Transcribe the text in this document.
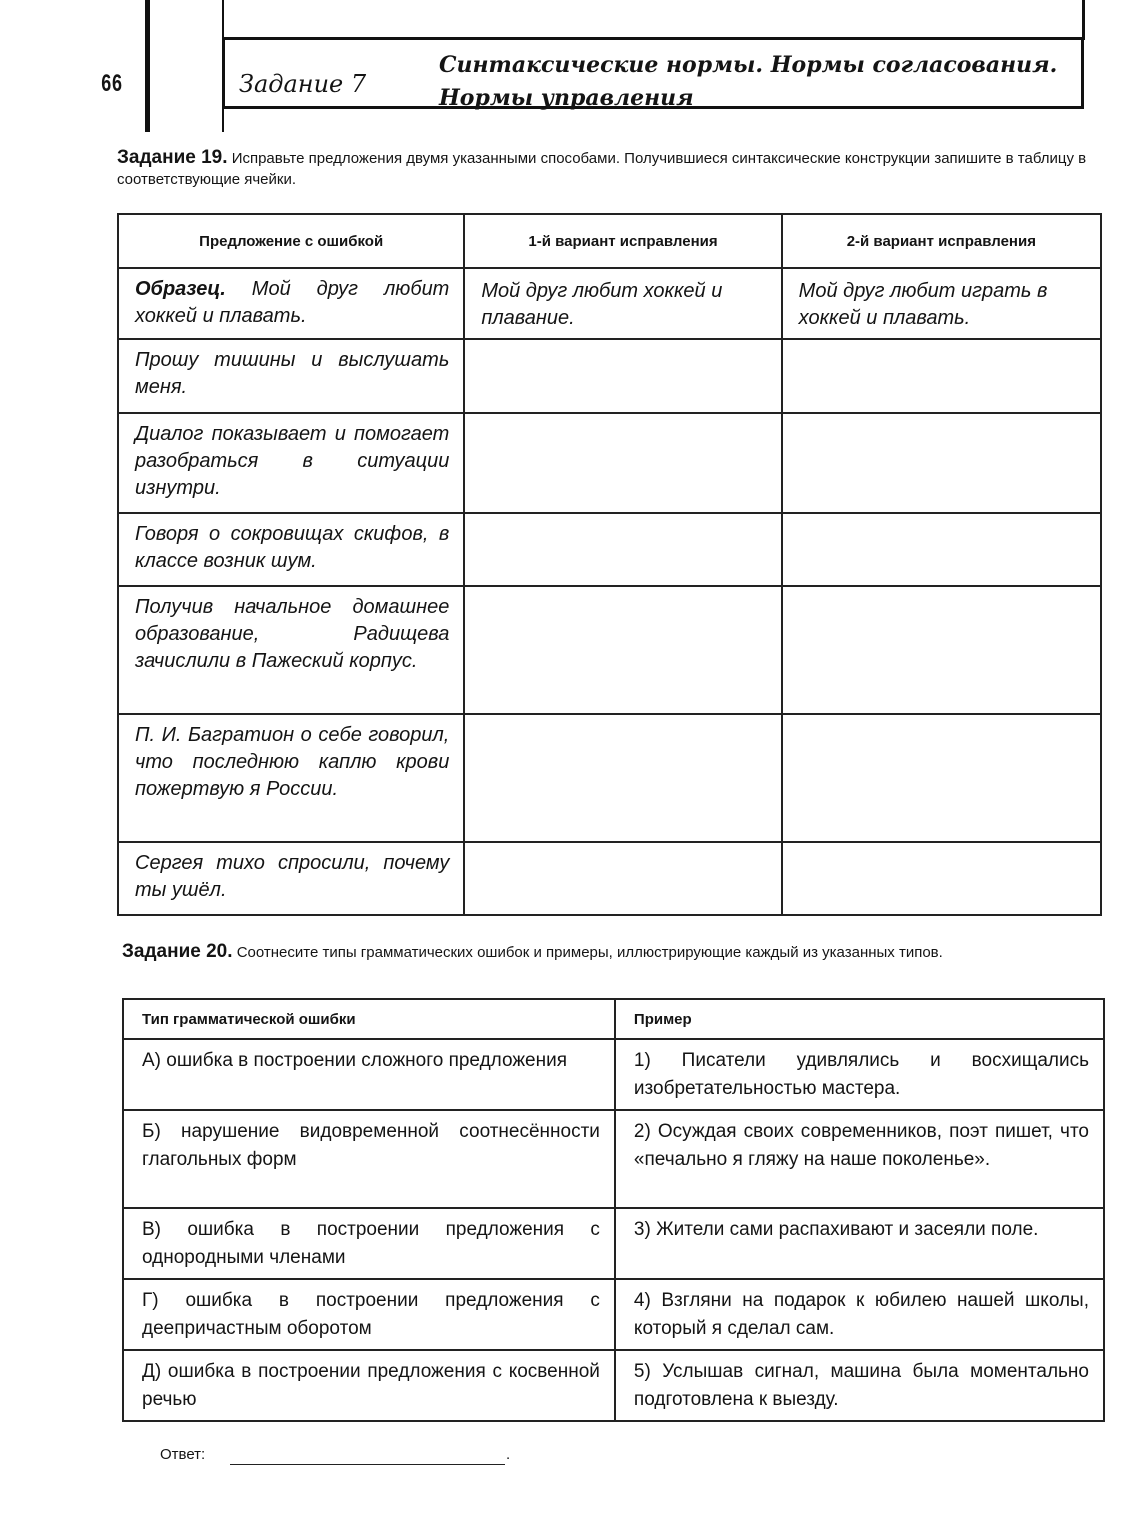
66	Задание 7
Синтаксические нормы. Нормы согласования.
Нормы управления
Задание 19. Исправьте предложения двумя указанными способами. Получившиеся синтаксические конструкции запишите в таблицу в соответствующие ячейки.
Предложение с ошибкой	1-й вариант исправления	2-й вариант исправления
Образец. Мой друг любит хоккей и плавать.	Мой друг любит хоккей и плавание.	Мой друг любит играть в хоккей и плавать.
Прошу тишины и выслушать меня.		
Диалог показывает и помогает разобраться в ситуации изнутри.		
Говоря о сокровищах скифов, в классе возник шум.		
Получив начальное домашнее образование, Радищева зачислили в Пажеский корпус.		
П. И. Багратион о себе говорил, что последнюю каплю крови пожертвую я России.		
Сергея тихо спросили, почему ты ушёл.		
Задание 20. Соотнесите типы грамматических ошибок и примеры, иллюстрирующие каждый из указанных типов.
Тип грамматической ошибки	Пример
А) ошибка в построении сложного предложения	1) Писатели удивлялись и восхищались изобретательностью мастера.
Б) нарушение видовременной соотнесённости глагольных форм	2) Осуждая своих современников, поэт пишет, что «печально я гляжу на наше поколенье».
В) ошибка в построении предложения с однородными членами	3) Жители сами распахивают и засеяли поле.
Г) ошибка в построении предложения с деепричастным оборотом	4) Взгляни на подарок к юбилею нашей школы, который я сделал сам.
Д) ошибка в построении предложения с косвенной речью	5) Услышав сигнал, машина была моментально подготовлена к выезду.
Ответ:	.
